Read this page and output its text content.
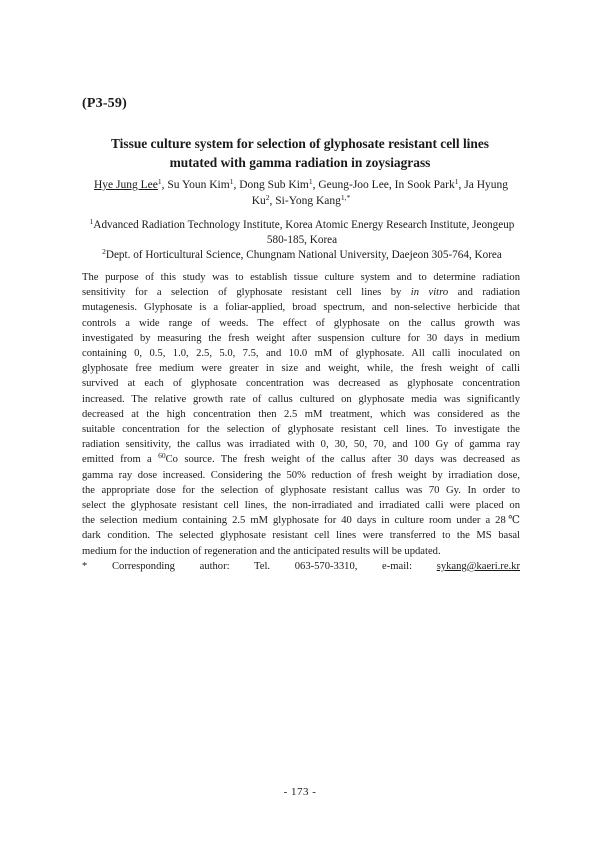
(P3-59)
Tissue culture system for selection of glyphosate resistant cell lines
mutated with gamma radiation in zoysiagrass
Hye Jung Lee$^1$, Su Youn Kim$^1$, Dong Sub Kim$^1$, Geung-Joo Lee, In Sook Park$^1$, Ja Hyung Ku$^2$, Si-Yong Kang$^{1,*}$
$^1$Advanced Radiation Technology Institute, Korea Atomic Energy Research Institute, Jeongeup
580-185, Korea
$^2$Dept. of Horticultural Science, Chungnam National University, Daejeon 305-764, Korea
The purpose of this study was to establish tissue culture system and to determine radiation
sensitivity for a selection of glyphosate resistant cell lines by in vitro and radiation
mutagenesis. Glyphosate is a foliar-applied, broad spectrum, and non-selective herbicide that
controls a wide range of weeds. The effect of glyphosate on the callus growth was
investigated by measuring the fresh weight after suspension culture for 30 days in medium
containing 0, 0.5, 1.0, 2.5, 5.0, 7.5, and 10.0 mM of glyphosate. All calli inoculated on
glyphosate free medium were greater in size and weight, while, the fresh weight of calli
survived at each of glyphosate concentration was decreased as glyphosate concentration
increased. The relative growth rate of callus cultured on glyphosate media was significantly
decreased at the high concentration then 2.5 mM treatment, which was considered as the
suitable concentration for the selection of glyphosate resistant cell lines. To investigate the
radiation sensitivity, the callus was irradiated with 0, 30, 50, 70, and 100 Gy of gamma ray
emitted from a $^{60}$Co source. The fresh weight of the callus after 30 days was decreased as
gamma ray dose increased. Considering the 50% reduction of fresh weight by irradiation dose,
the appropriate dose for the selection of glyphosate resistant callus was 70 Gy. In order to
select the glyphosate resistant cell lines, the non-irradiated and irradiated calli were placed on
the selection medium containing 2.5 mM glyphosate for 40 days in culture room under a 28℃
dark condition. The selected glyphosate resistant cell lines were transferred to the MS basal
medium for the induction of regeneration and the anticipated results will be updated.
* Corresponding author: Tel. 063-570-3310, e-mail: sykang@kaeri.re.kr
- 173 -
